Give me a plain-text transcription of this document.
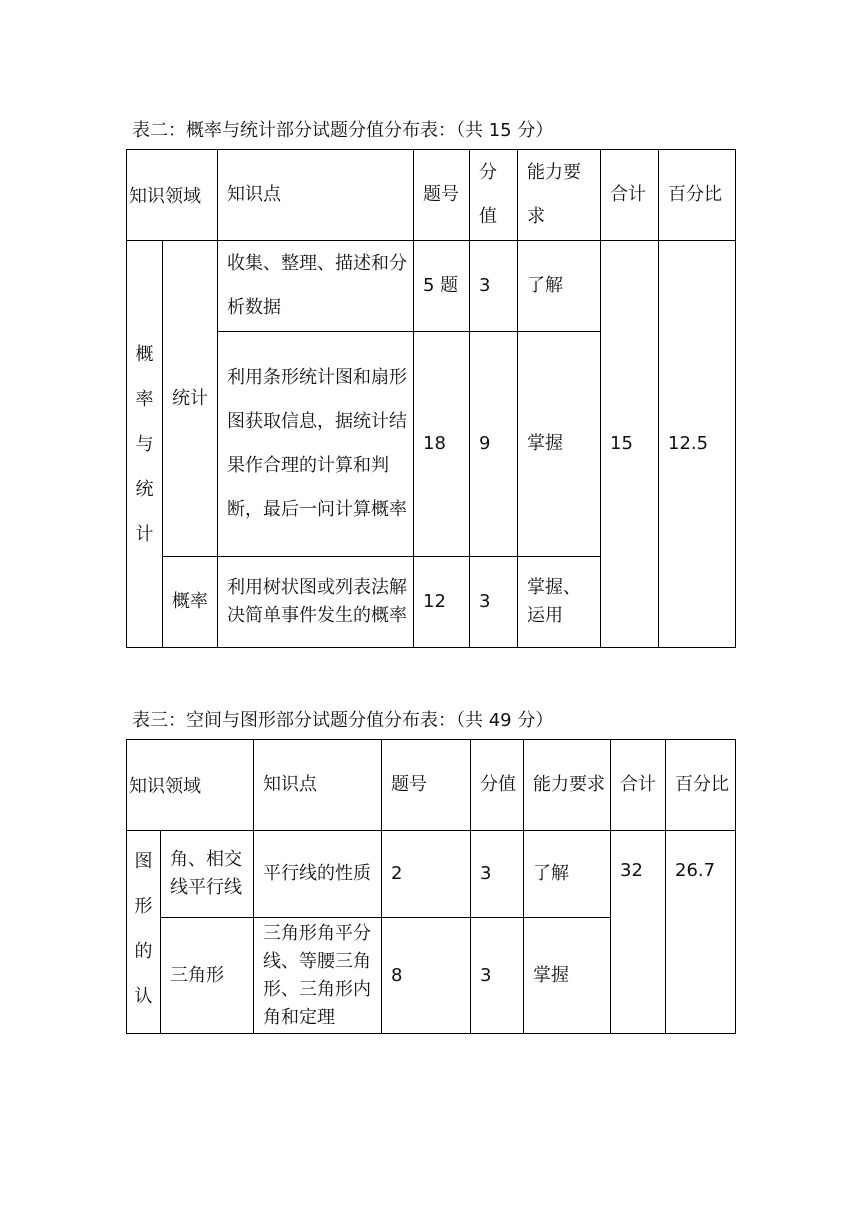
表二：概率与统计部分试题分值分布表：（共 15 分）
知识领域		知识点	题号	分值	能力要求	合计	百分比
概率与统计	统计	收集、整理、描述和分析数据	5 题	3	了解	15	12.5
		利用条形统计图和扇形图获取信息，据统计结果作合理的计算和判断，最后一问计算概率	18	9	掌握		
	概率	利用树状图或列表法解决简单事件发生的概率	12	3	掌握、运用		
表三：空间与图形部分试题分值分布表：（共 49 分）
知识领域		知识点	题号	分值	能力要求	合计	百分比
图形的认	角、相交线平行线	平行线的性质	2	3	了解	32	26.7
	三角形	三角形角平分线、等腰三角形、三角形内角和定理	8	3	掌握		
